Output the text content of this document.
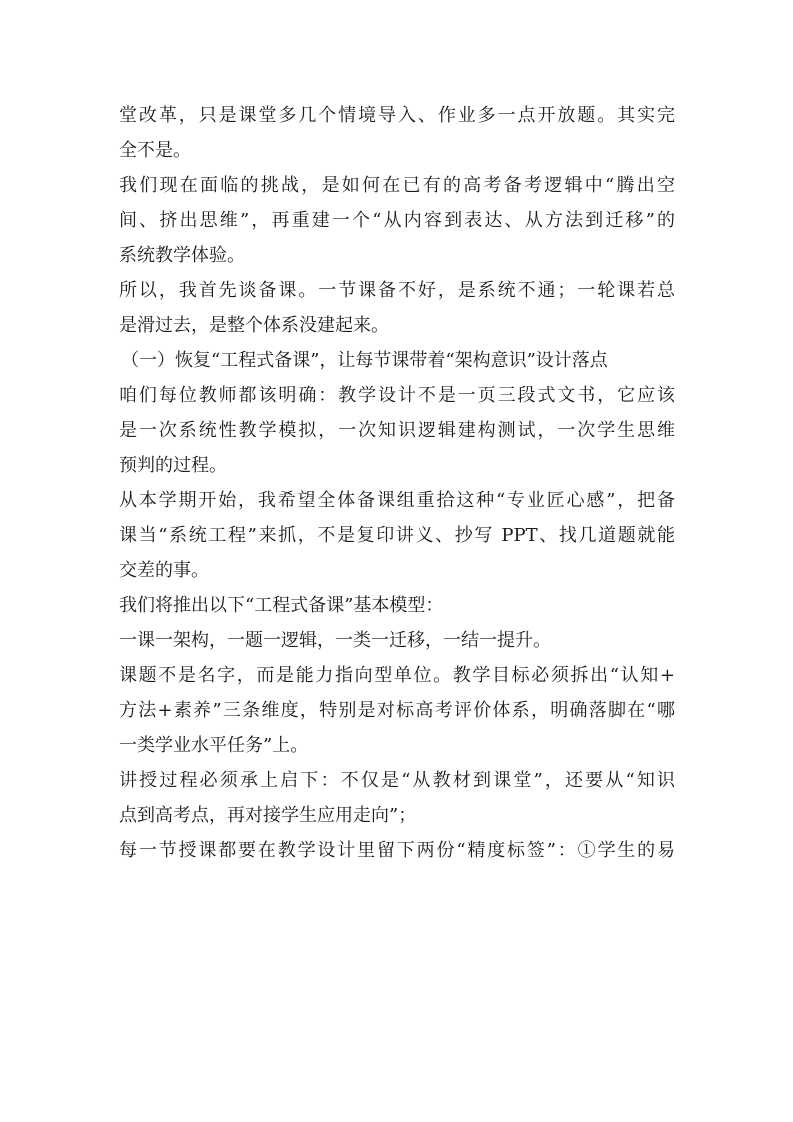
堂改革，只是课堂多几个情境导入、作业多一点开放题。其实完
全不是。
我们现在面临的挑战，是如何在已有的高考备考逻辑中“腾出空
间、挤出思维”，再重建一个“从内容到表达、从方法到迁移”的
系统教学体验。
所以，我首先谈备课。一节课备不好，是系统不通；一轮课若总
是滑过去，是整个体系没建起来。
（一）恢复“工程式备课”，让每节课带着“架构意识”设计落点
咱们每位教师都该明确：教学设计不是一页三段式文书，它应该
是一次系统性教学模拟，一次知识逻辑建构测试，一次学生思维
预判的过程。
从本学期开始，我希望全体备课组重拾这种“专业匠心感”，把备
课当“系统工程”来抓，不是复印讲义、抄写 PPT、找几道题就能
交差的事。
我们将推出以下“工程式备课”基本模型：
一课一架构，一题一逻辑，一类一迁移，一结一提升。
课题不是名字，而是能力指向型单位。教学目标必须拆出“认知+
方法+素养”三条维度，特别是对标高考评价体系，明确落脚在“哪
一类学业水平任务”上。
讲授过程必须承上启下：不仅是“从教材到课堂”，还要从“知识
点到高考点，再对接学生应用走向”；
每一节授课都要在教学设计里留下两份“精度标签”：①学生的易
